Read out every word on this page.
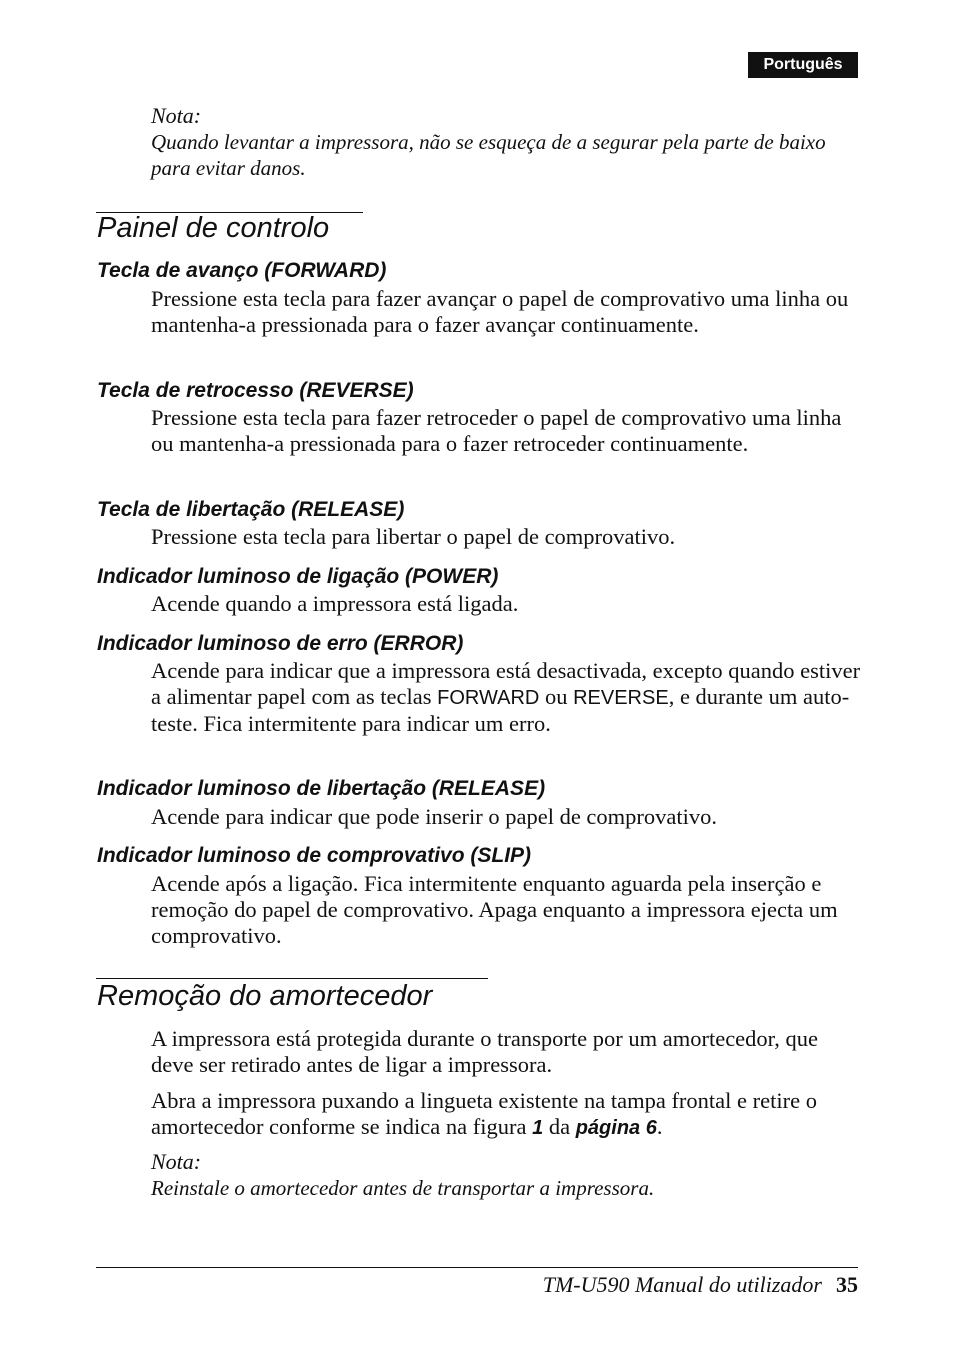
Português
Nota:
Quando levantar a impressora, não se esqueça de a segurar pela parte de baixo para evitar danos.
Painel de controlo
Tecla de avanço (FORWARD)
Pressione esta tecla para fazer avançar o papel de comprovativo uma linha ou mantenha-a pressionada para o fazer avançar continuamente.
Tecla de retrocesso (REVERSE)
Pressione esta tecla para fazer retroceder o papel de comprovativo uma linha ou mantenha-a pressionada para o fazer retroceder continuamente.
Tecla de libertação (RELEASE)
Pressione esta tecla para libertar o papel de comprovativo.
Indicador luminoso de ligação (POWER)
Acende quando a impressora está ligada.
Indicador luminoso de erro (ERROR)
Acende para indicar que a impressora está desactivada, excepto quando estiver a alimentar papel com as teclas FORWARD ou REVERSE, e durante um auto-teste. Fica intermitente para indicar um erro.
Indicador luminoso de libertação (RELEASE)
Acende para indicar que pode inserir o papel de comprovativo.
Indicador luminoso de comprovativo (SLIP)
Acende após a ligação. Fica intermitente enquanto aguarda pela inserção e remoção do papel de comprovativo. Apaga enquanto a impressora ejecta um comprovativo.
Remoção do amortecedor
A impressora está protegida durante o transporte por um amortecedor, que deve ser retirado antes de ligar a impressora.
Abra a impressora puxando a lingueta existente na tampa frontal e retire o amortecedor conforme se indica na figura 1 da página 6.
Nota:
Reinstale o amortecedor antes de transportar a impressora.
TM-U590 Manual do utilizador 35
